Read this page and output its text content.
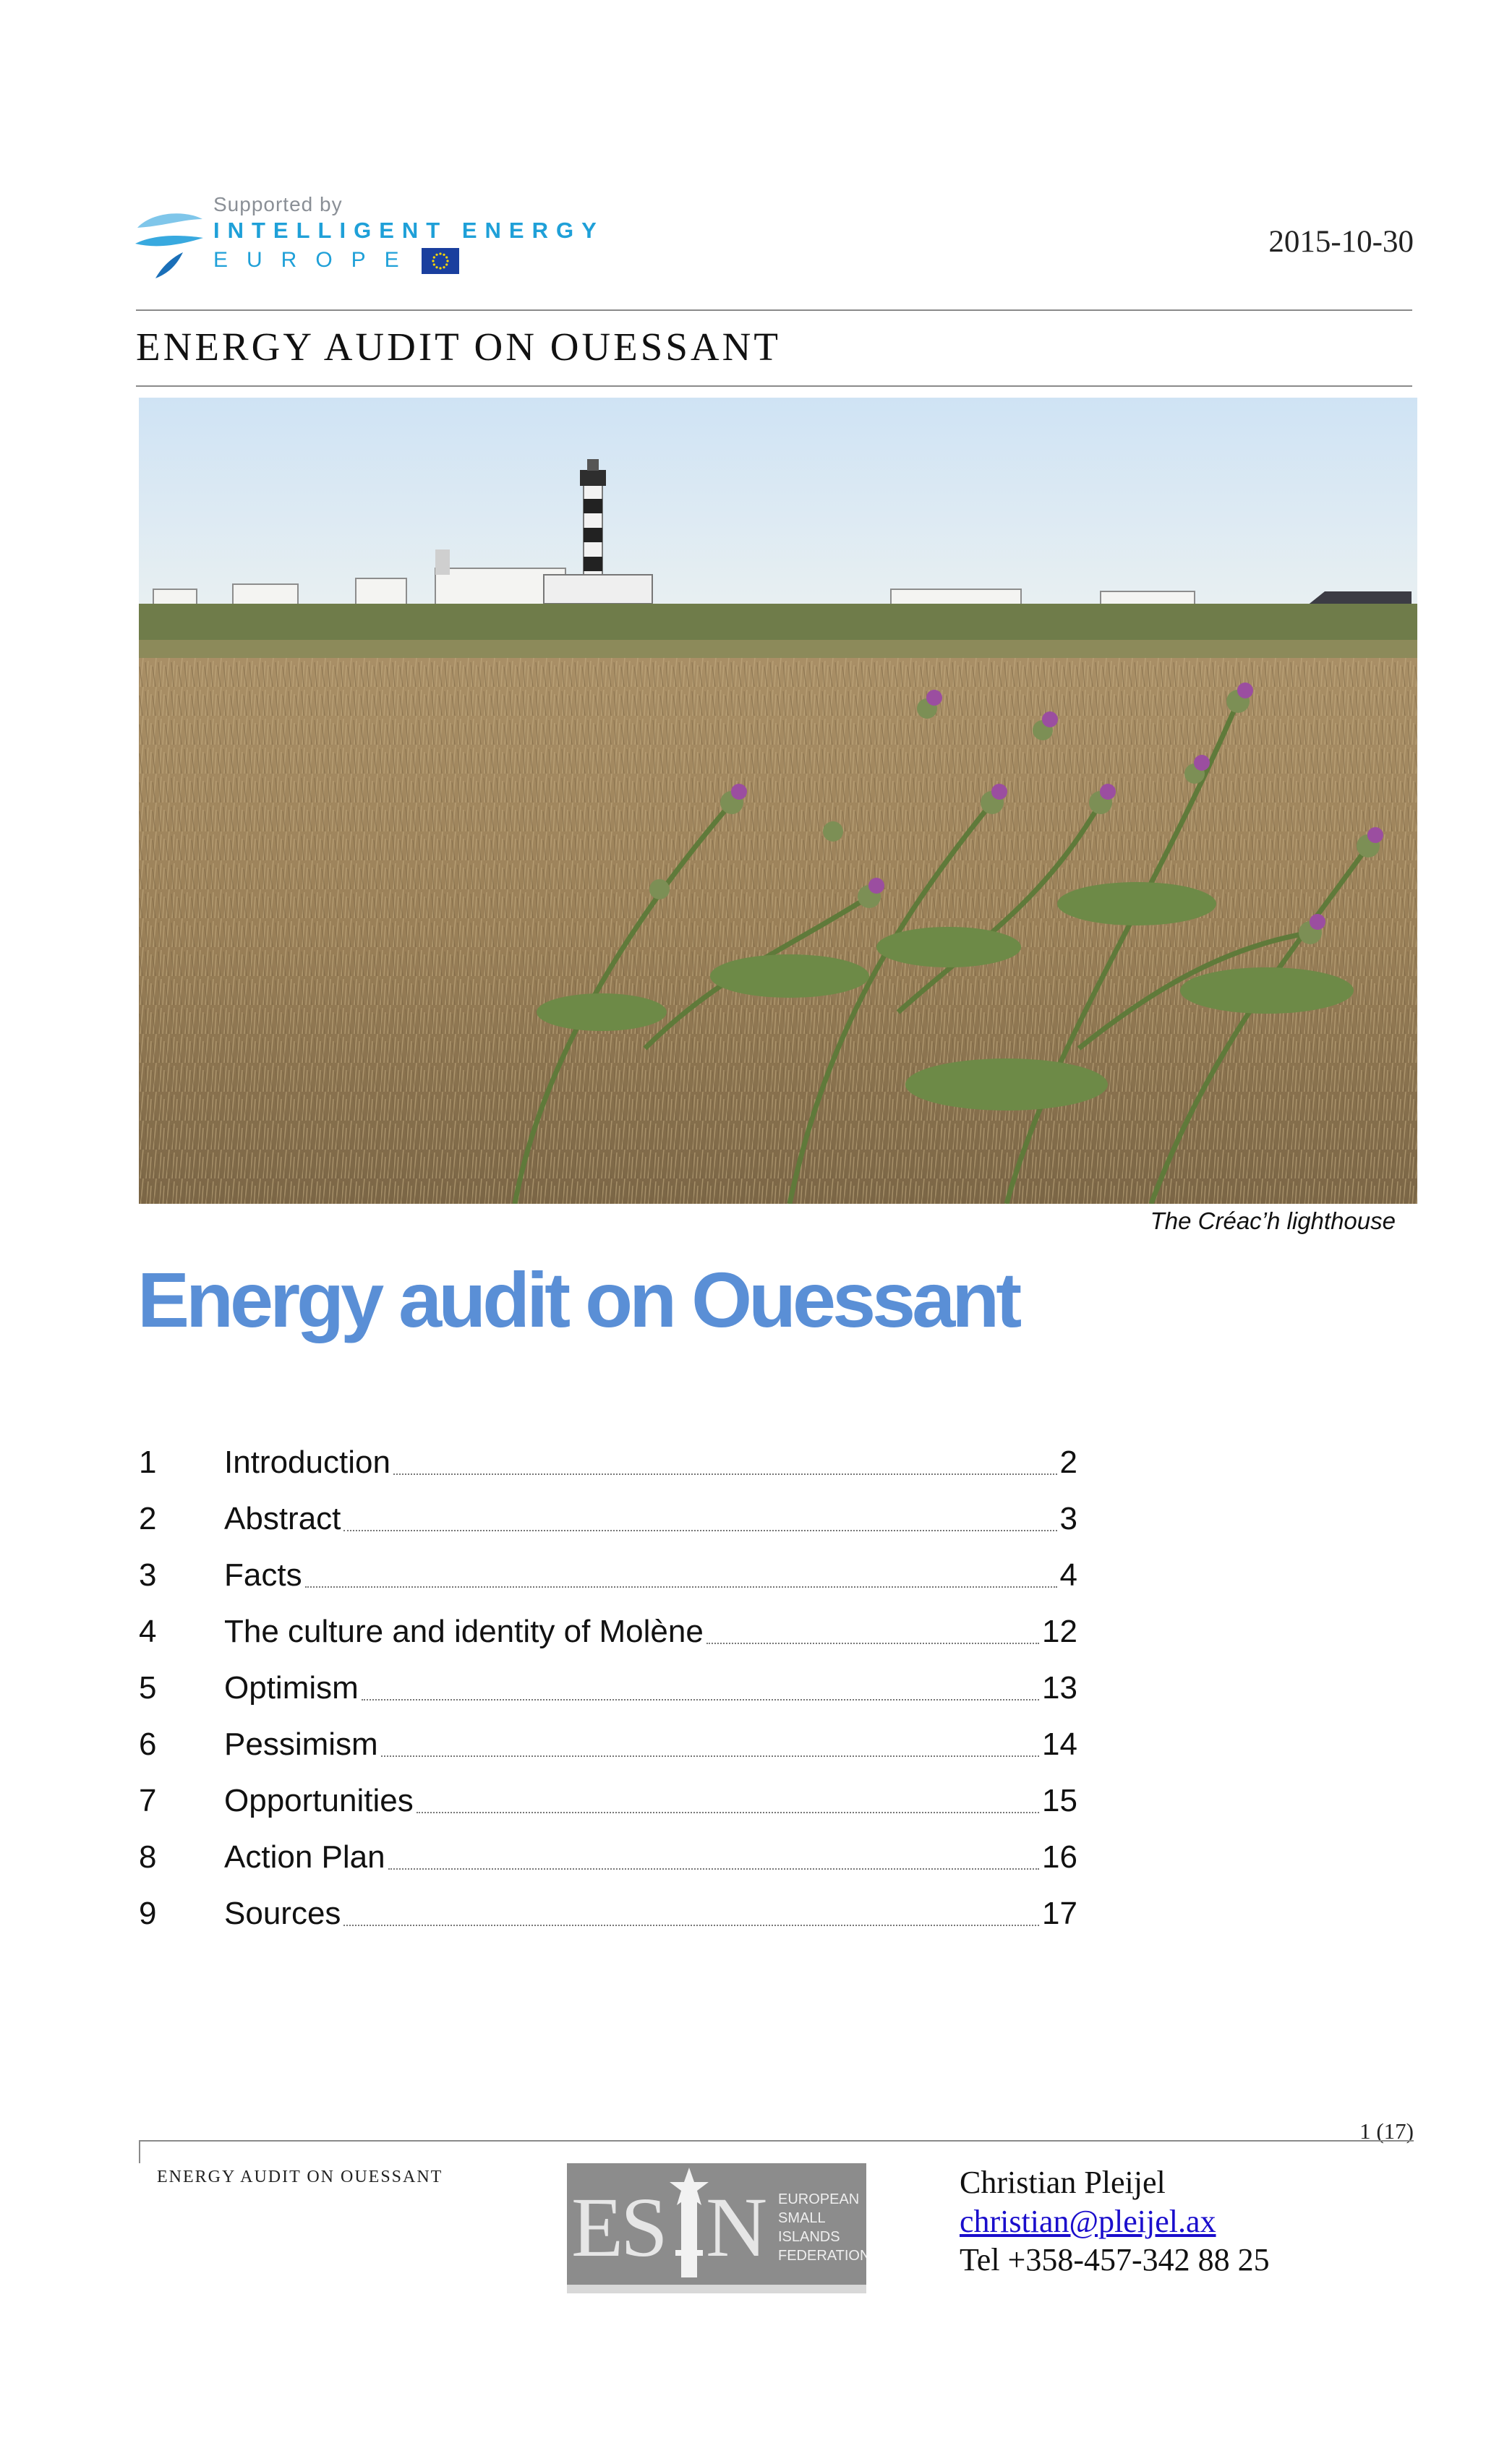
Supported by
INTELLIGENT ENERGY
EUROPE
2015-10-30
ENERGY AUDIT ON OUESSANT
The Créac’h lighthouse
Energy audit on Ouessant
1	Introduction	2
2	Abstract	3
3	Facts	4
4	The culture and identity of Molène	12
5	Optimism	13
6	Pessimism	14
7	Opportunities	15
8	Action Plan	16
9	Sources	17
1 (17)
ENERGY AUDIT ON OUESSANT
ES N EUROPEAN
SMALL
ISLANDS
FEDERATION
Christian Pleijel
christian@pleijel.ax
Tel +358-457-342 88 25
